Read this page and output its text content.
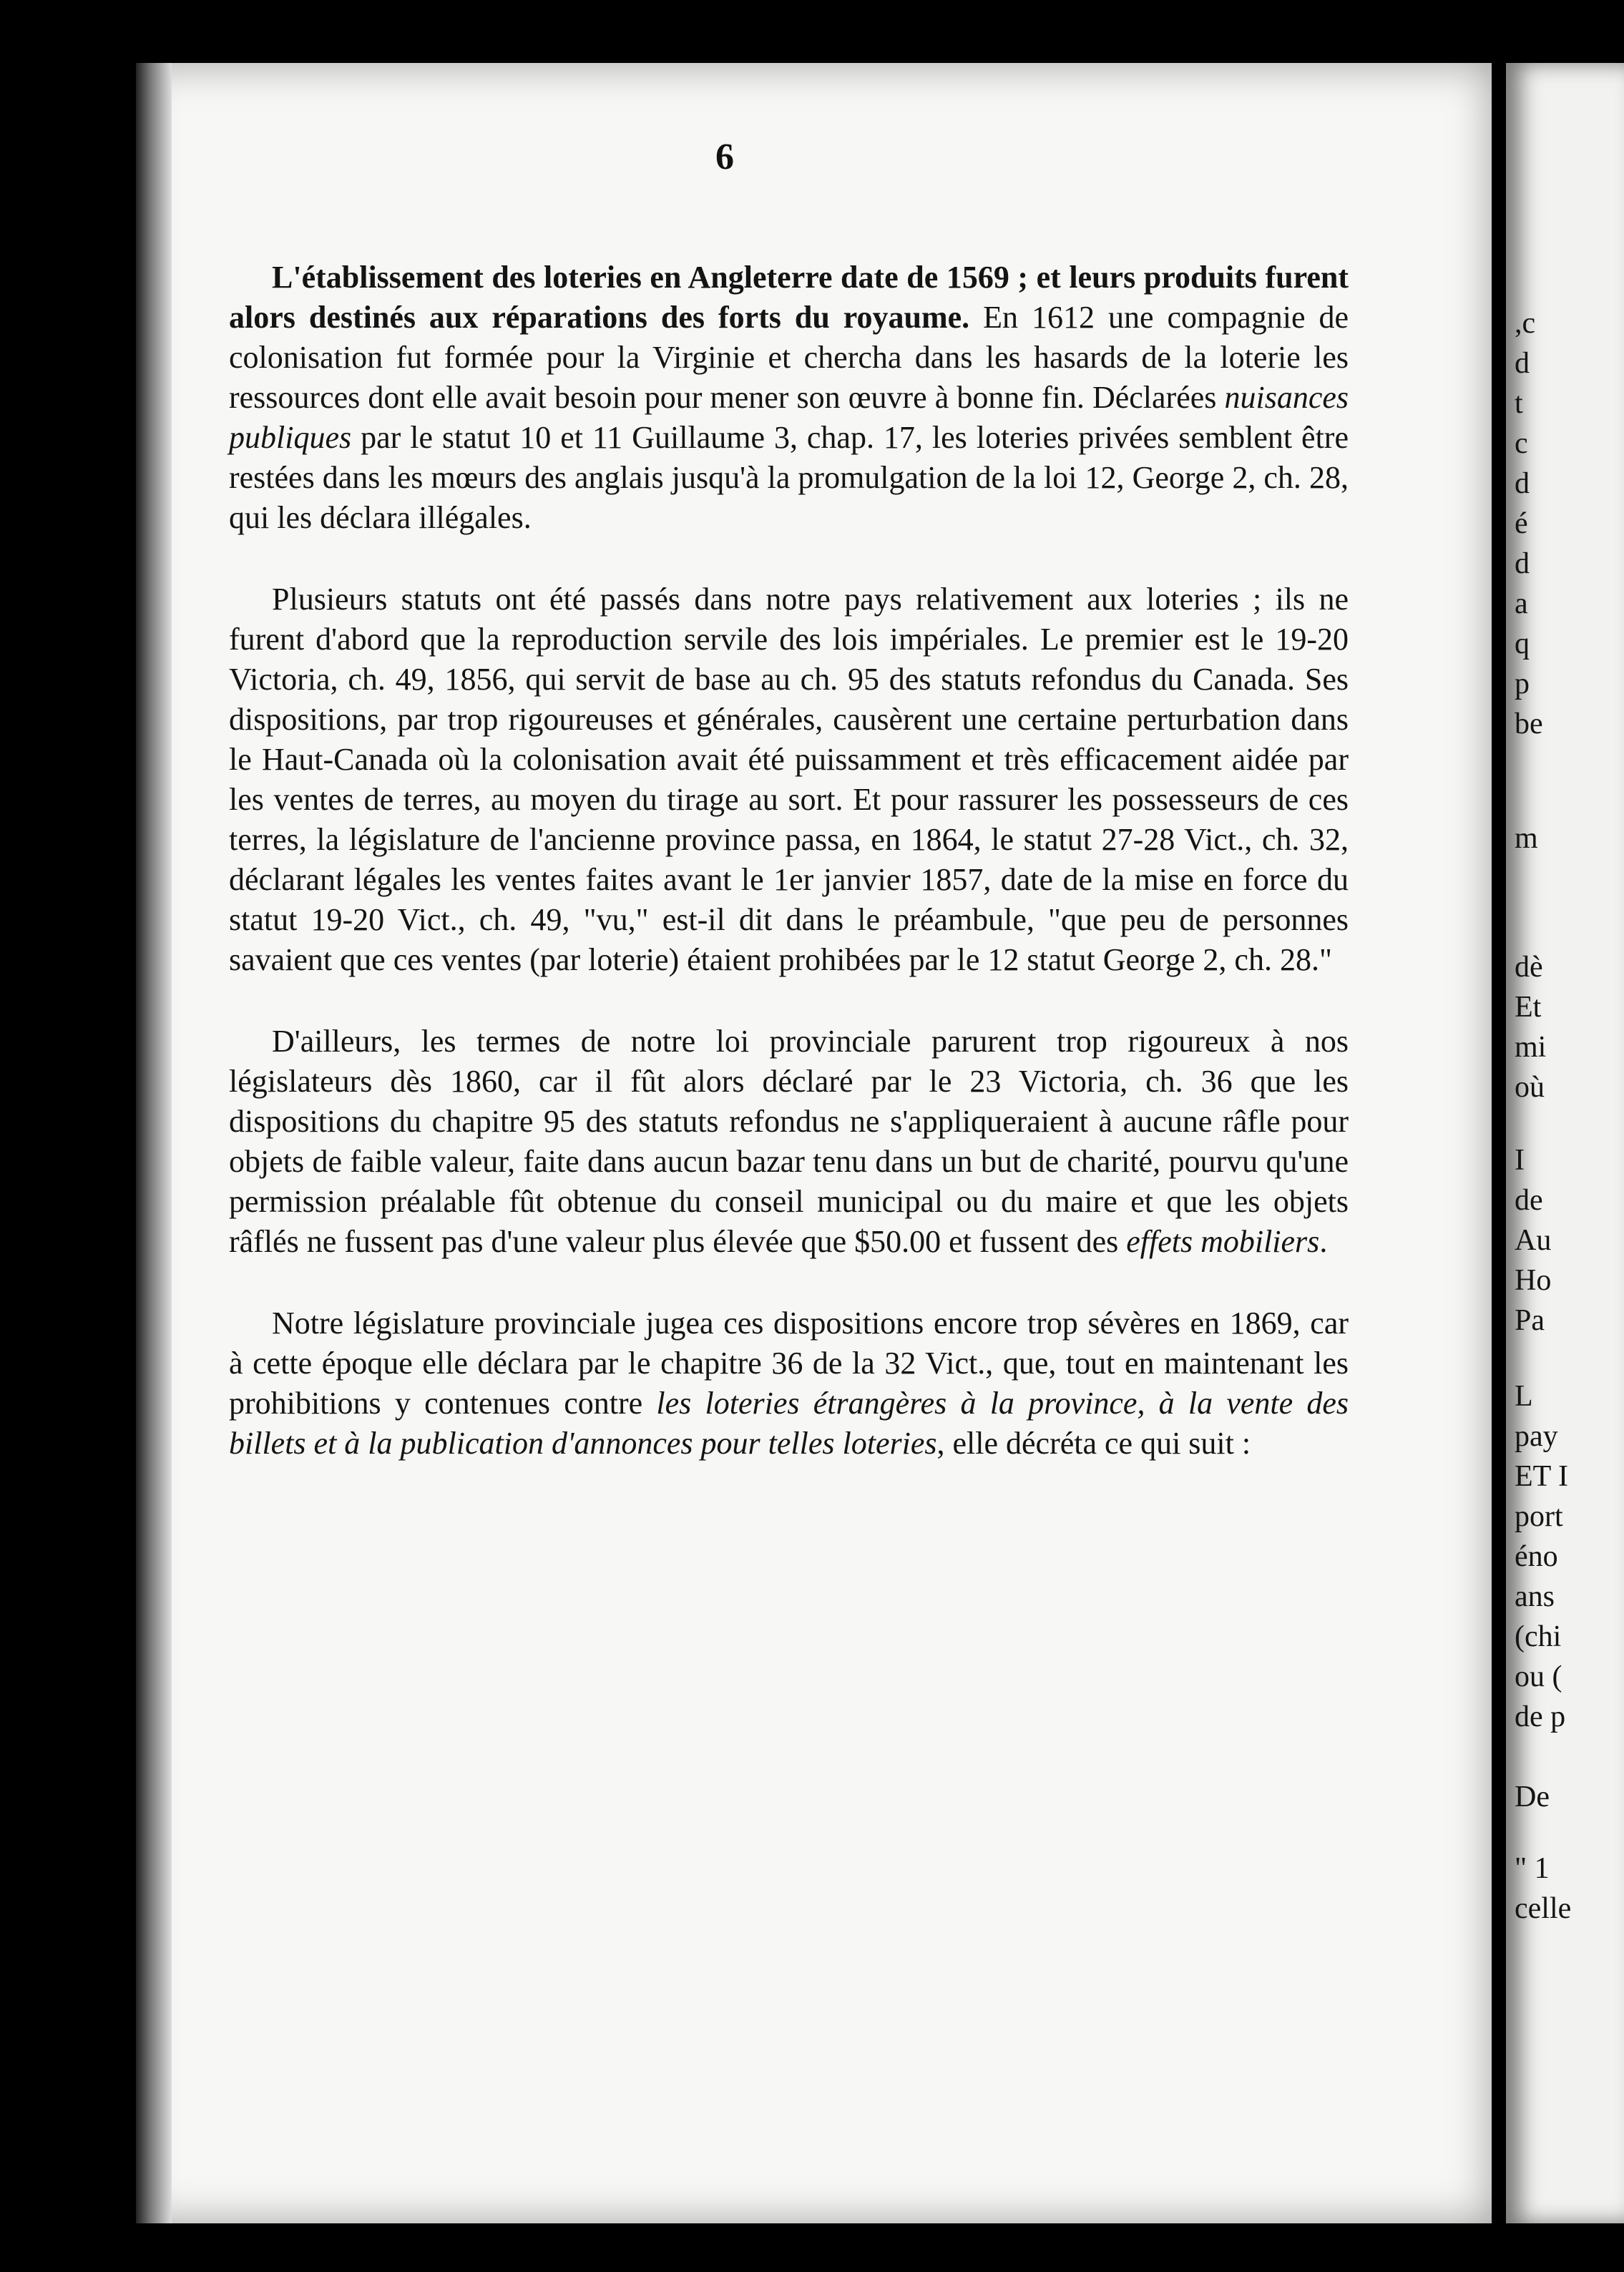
6

L'établissement des loteries en Angleterre date de 1569 ; et leurs produits furent alors destinés aux réparations des forts du royaume. En 1612 une compagnie de colonisation fut formée pour la Virginie et chercha dans les hasards de la loterie les ressources dont elle avait besoin pour mener son œuvre à bonne fin. Déclarées nuisances publiques par le statut 10 et 11 Guillaume 3, chap. 17, les loteries privées semblent être restées dans les mœurs des anglais jusqu'à la promulgation de la loi 12, George 2, ch. 28, qui les déclara illégales.

Plusieurs statuts ont été passés dans notre pays relativement aux loteries ; ils ne furent d'abord que la reproduction servile des lois impériales. Le premier est le 19-20 Victoria, ch. 49, 1856, qui servit de base au ch. 95 des statuts refondus du Canada. Ses dispositions, par trop rigoureuses et générales, causèrent une certaine perturbation dans le Haut-Canada où la colonisation avait été puissamment et très efficacement aidée par les ventes de terres, au moyen du tirage au sort. Et pour rassurer les possesseurs de ces terres, la législature de l'ancienne province passa, en 1864, le statut 27-28 Vict., ch. 32, déclarant légales les ventes faites avant le 1er janvier 1857, date de la mise en force du statut 19-20 Vict., ch. 49, "vu," est-il dit dans le préambule, "que peu de personnes savaient que ces ventes (par loterie) étaient prohibées par le 12 statut George 2, ch. 28."

D'ailleurs, les termes de notre loi provinciale parurent trop rigoureux à nos législateurs dès 1860, car il fût alors déclaré par le 23 Victoria, ch. 36 que les dispositions du chapitre 95 des statuts refondus ne s'appliqueraient à aucune râfle pour objets de faible valeur, faite dans aucun bazar tenu dans un but de charité, pourvu qu'une permission préalable fût obtenue du conseil municipal ou du maire et que les objets râflés ne fussent pas d'une valeur plus élevée que $50.00 et fussent des effets mobiliers.

Notre législature provinciale jugea ces dispositions encore trop sévères en 1869, car à cette époque elle déclara par le chapitre 36 de la 32 Vict., que, tout en maintenant les prohibitions y contenues contre les loteries étrangères à la province, à la vente des billets et à la publication d'annonces pour telles loteries, elle décréta ce qui suit :

,c
d
t
c
d
é
d
a
q
p
be
m
dè
Et
mi
où
I
de
Au
Ho
Pa
L
pay
ET I
port
éno
ans
(chi
ou (
de p
De
" 1
celle
